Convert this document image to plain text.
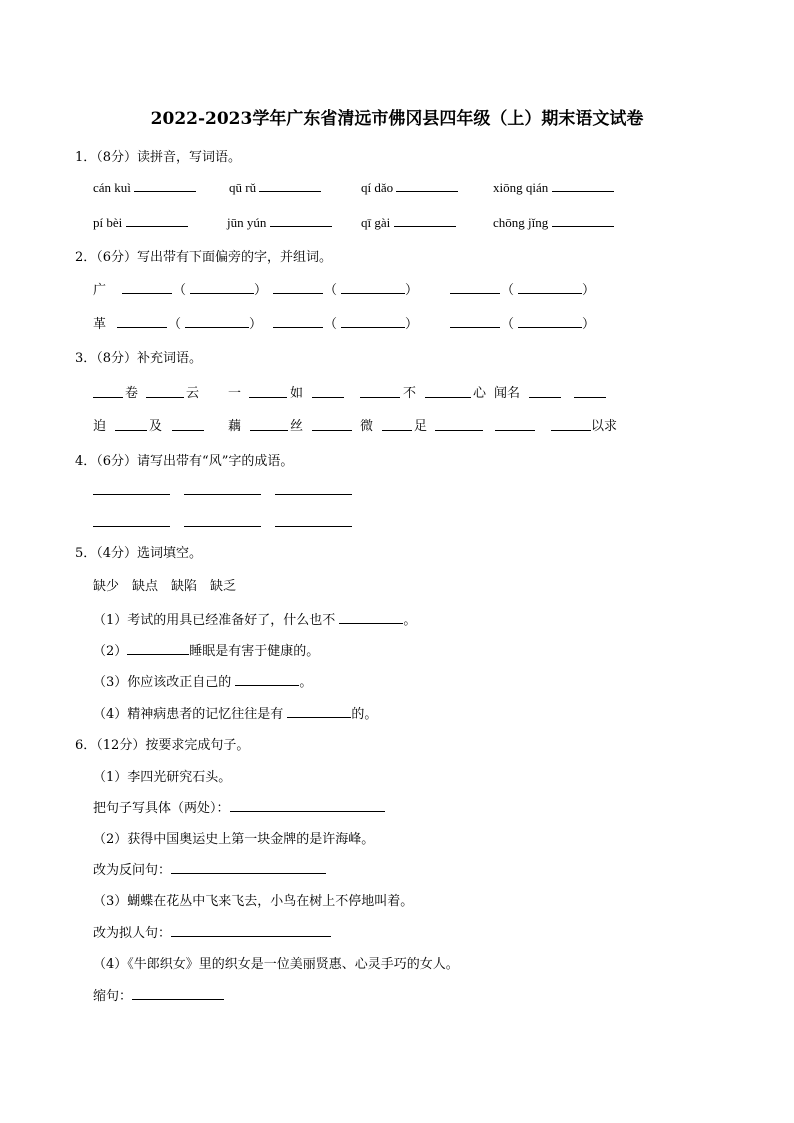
2022-2023学年广东省清远市佛冈县四年级（上）期末语文试卷
1．（8分）读拼音，写词语。
cán kuì	qū rǔ	qí dǎo	xiōng qián
pí bèi	jūn yún	qī gài	chōng jǐng
2．（6分）写出带有下面偏旁的字，并组词。
广	（	）	（	）	（	）
革	（	）	（	）	（	）
3．（8分）补充词语。
卷	云 一	如	不	心 闻名
迫	及	藕	丝	微	足	以求
4．（6分）请写出带有“风”字的成语。
5．（4分）选词填空。
缺少　缺点　缺陷　缺乏
（1）考试的用具已经准备好了，什么也不	。
（2）	睡眠是有害于健康的。
（3）你应该改正自己的	。
（4）精神病患者的记忆往往是有	的。
6．（12分）按要求完成句子。
（1）李四光研究石头。
把句子写具体（两处）：
（2）获得中国奥运史上第一块金牌的是许海峰。
改为反问句：
（3）蝴蝶在花丛中飞来飞去，小鸟在树上不停地叫着。
改为拟人句：
（4）《牛郎织女》里的织女是一位美丽贤惠、心灵手巧的女人。
缩句：
